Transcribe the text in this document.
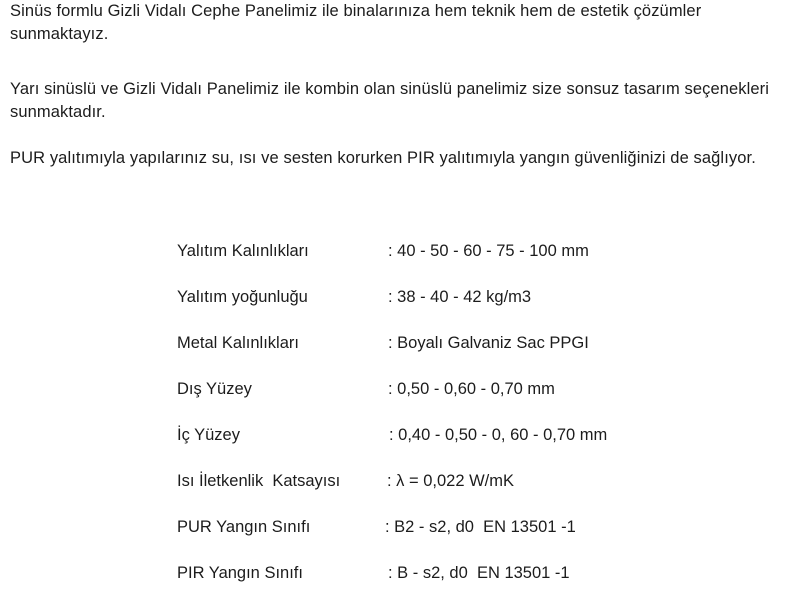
Sinüs formlu Gizli Vidalı Cephe Panelimiz ile binalarınıza hem teknik hem de estetik çözümler sunmaktayız.

Yarı sinüslü ve Gizli Vidalı Panelimiz ile kombin olan sinüslü panelimiz size sonsuz tasarım seçenekleri sunmaktadır.

PUR yalıtımıyla yapılarınız su, ısı ve sesten korurken PIR yalıtımıyla yangın güvenliğinizi de sağlıyor.

Yalıtım Kalınlıkları	: 40 - 50 - 60 - 75 - 100 mm
Yalıtım yoğunluğu	: 38 - 40 - 42 kg/m3
Metal Kalınlıkları	: Boyalı Galvaniz Sac PPGI
Dış Yüzey	: 0,50 - 0,60 - 0,70 mm
İç Yüzey	: 0,40 - 0,50 - 0, 60 - 0,70 mm
Isı İletkenlik  Katsayısı	: λ = 0,022 W/mK
PUR Yangın Sınıfı	: B2 - s2, d0  EN 13501 -1
PIR Yangın Sınıfı	: B - s2, d0  EN 13501 -1
